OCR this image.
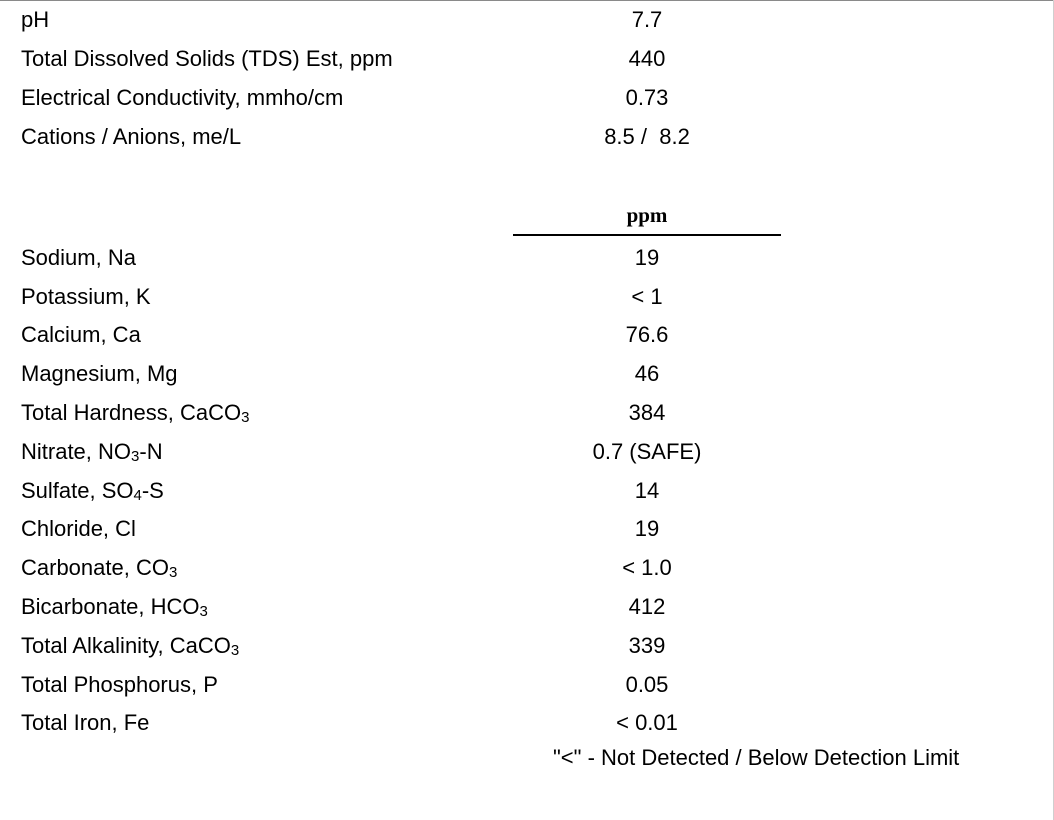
pH	7.7
Total Dissolved Solids (TDS) Est, ppm	440
Electrical Conductivity, mmho/cm	0.73
Cations / Anions, me/L	8.5 /  8.2
ppm
Sodium, Na	19
Potassium, K	< 1
Calcium, Ca	76.6
Magnesium, Mg	46
Total Hardness, CaCO$_3$	384
Nitrate, $NO_3-N$	0.7 (SAFE)
Sulfate, $SO_4-S$	14
Chloride, Cl	19
Carbonate, $CO_3$	< 1.0
Bicarbonate, $HCO_3$	412
Total Alkalinity, CaCO$_3$	339
Total Phosphorus, P	0.05
Total Iron, Fe	< 0.01
"<" - Not Detected / Below Detection Limit
